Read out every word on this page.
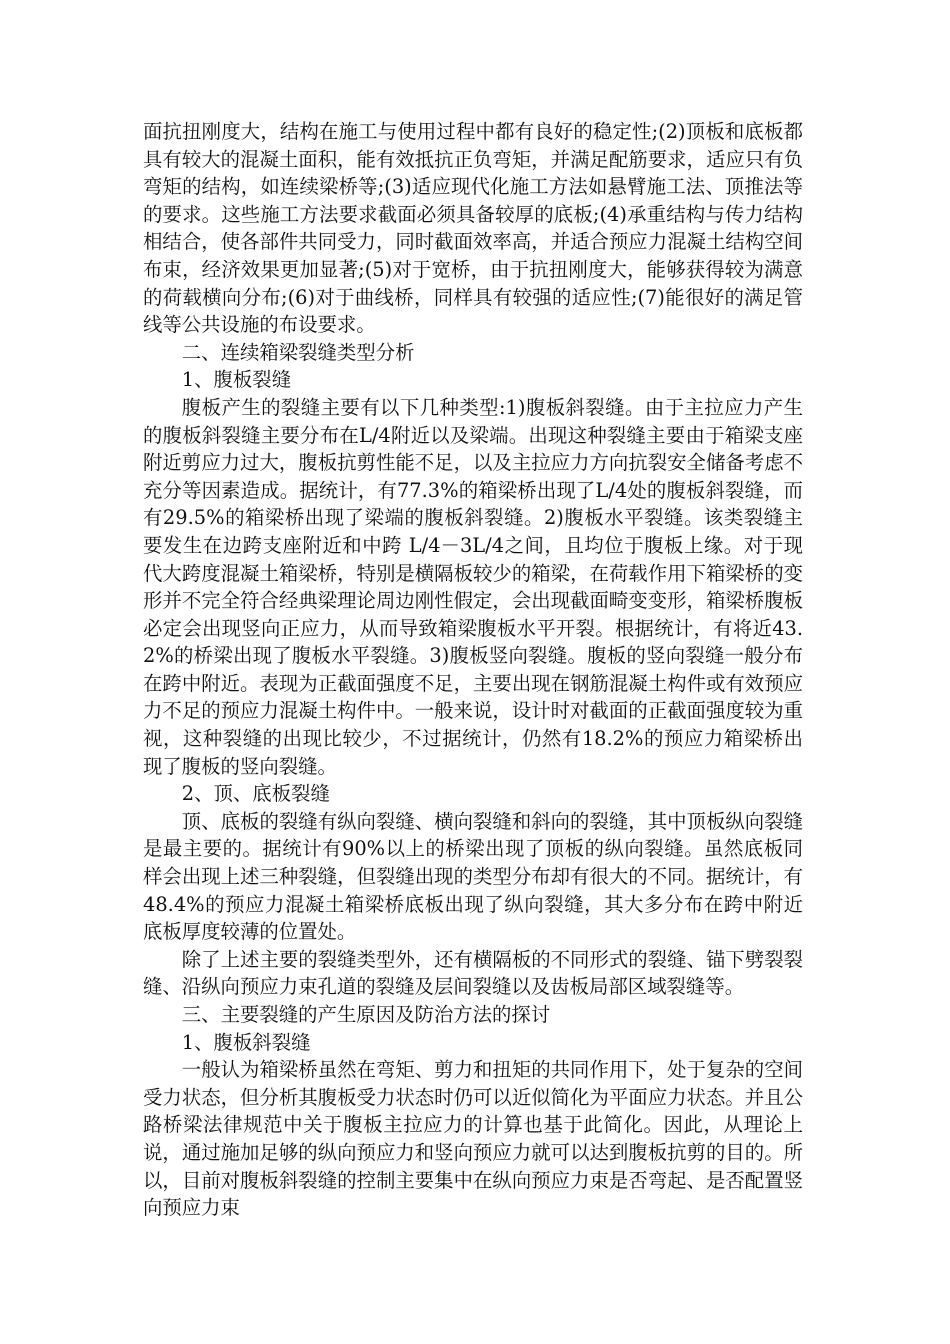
面抗扭刚度大，结构在施工与使用过程中都有良好的稳定性;(2)顶板和底板都具有较大的混凝土面积，能有效抵抗正负弯矩，并满足配筋要求，适应只有负弯矩的结构，如连续梁桥等;(3)适应现代化施工方法如悬臂施工法、顶推法等的要求。这些施工方法要求截面必须具备较厚的底板;(4)承重结构与传力结构相结合，使各部件共同受力，同时截面效率高，并适合预应力混凝土结构空间布束，经济效果更加显著;(5)对于宽桥，由于抗扭刚度大，能够获得较为满意的荷载横向分布;(6)对于曲线桥，同样具有较强的适应性;(7)能很好的满足管线等公共设施的布设要求。

二、连续箱梁裂缝类型分析

1、腹板裂缝

腹板产生的裂缝主要有以下几种类型:1)腹板斜裂缝。由于主拉应力产生的腹板斜裂缝主要分布在L/4附近以及梁端。出现这种裂缝主要由于箱梁支座附近剪应力过大，腹板抗剪性能不足，以及主拉应力方向抗裂安全储备考虑不充分等因素造成。据统计，有77.3%的箱梁桥出现了L/4处的腹板斜裂缝，而有29.5%的箱梁桥出现了梁端的腹板斜裂缝。2)腹板水平裂缝。该类裂缝主要发生在边跨支座附近和中跨 L/4－3L/4之间，且均位于腹板上缘。对于现代大跨度混凝土箱梁桥，特别是横隔板较少的箱梁，在荷载作用下箱梁桥的变形并不完全符合经典梁理论周边刚性假定，会出现截面畸变变形，箱梁桥腹板必定会出现竖向正应力，从而导致箱梁腹板水平开裂。根据统计，有将近43.2%的桥梁出现了腹板水平裂缝。3)腹板竖向裂缝。腹板的竖向裂缝一般分布在跨中附近。表现为正截面强度不足，主要出现在钢筋混凝土构件或有效预应力不足的预应力混凝土构件中。一般来说，设计时对截面的正截面强度较为重视，这种裂缝的出现比较少，不过据统计，仍然有18.2%的预应力箱梁桥出现了腹板的竖向裂缝。

2、顶、底板裂缝

顶、底板的裂缝有纵向裂缝、横向裂缝和斜向的裂缝，其中顶板纵向裂缝是最主要的。据统计有90%以上的桥梁出现了顶板的纵向裂缝。虽然底板同样会出现上述三种裂缝，但裂缝出现的类型分布却有很大的不同。据统计，有48.4%的预应力混凝土箱梁桥底板出现了纵向裂缝，其大多分布在跨中附近底板厚度较薄的位置处。

除了上述主要的裂缝类型外，还有横隔板的不同形式的裂缝、锚下劈裂裂缝、沿纵向预应力束孔道的裂缝及层间裂缝以及齿板局部区域裂缝等。

三、主要裂缝的产生原因及防治方法的探讨

1、腹板斜裂缝

一般认为箱梁桥虽然在弯矩、剪力和扭矩的共同作用下，处于复杂的空间受力状态，但分析其腹板受力状态时仍可以近似简化为平面应力状态。并且公路桥梁法律规范中关于腹板主拉应力的计算也基于此简化。因此，从理论上说，通过施加足够的纵向预应力和竖向预应力就可以达到腹板抗剪的目的。所以，目前对腹板斜裂缝的控制主要集中在纵向预应力束是否弯起、是否配置竖向预应力束
